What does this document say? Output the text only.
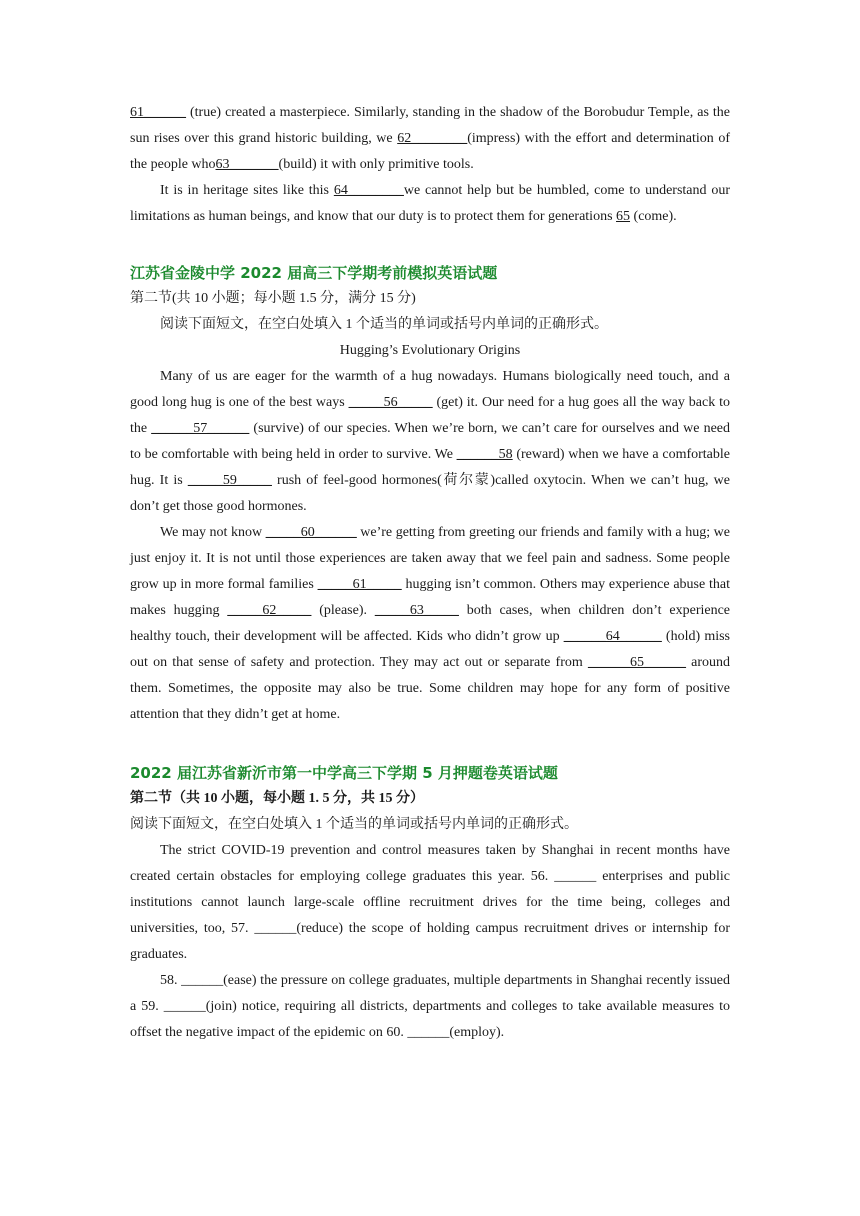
61______ (true) created a masterpiece. Similarly, standing in the shadow of the Borobudur Temple, as the sun rises over this grand historic building, we 62________(impress) with the effort and determination of the people who63_______(build) it with only primitive tools.

It is in heritage sites like this 64________we cannot help but be humbled, come to understand our limitations as human beings, and know that our duty is to protect them for generations 65 (come).

江苏省金陵中学 2022 届高三下学期考前模拟英语试题

第二节(共 10 小题；每小题 1.5 分，满分 15 分)

阅读下面短文，在空白处填入 1 个适当的单词或括号内单词的正确形式。

Hugging’s Evolutionary Origins

Many of us are eager for the warmth of a hug nowadays. Humans biologically need touch, and a good long hug is one of the best ways _____56_____ (get) it. Our need for a hug goes all the way back to the ______57______ (survive) of our species. When we’re born, we can’t care for ourselves and we need to be comfortable with being held in order to survive. We ______58 (reward) when we have a comfortable hug. It is _____59_____ rush of feel-good hormones(荷尔蒙)called oxytocin. When we can’t hug, we don’t get those good hormones.

We may not know _____60______ we’re getting from greeting our friends and family with a hug; we just enjoy it. It is not until those experiences are taken away that we feel pain and sadness. Some people grow up in more formal families _____61_____ hugging isn’t common. Others may experience abuse that makes hugging _____62_____ (please). _____63_____ both cases, when children don’t experience healthy touch, their development will be affected. Kids who didn’t grow up ______64______ (hold) miss out on that sense of safety and protection. They may act out or separate from ______65______ around them. Sometimes, the opposite may also be true. Some children may hope for any form of positive attention that they didn’t get at home.

2022 届江苏省新沂市第一中学高三下学期 5 月押题卷英语试题

第二节（共 10 小题，每小题 1. 5 分，共 15 分）

阅读下面短文，在空白处填入 1 个适当的单词或括号内单词的正确形式。

The strict COVID-19 prevention and control measures taken by Shanghai in recent months have created certain obstacles for employing college graduates this year. 56. ______ enterprises and public institutions cannot launch large-scale offline recruitment drives for the time being, colleges and universities, too, 57. ______(reduce) the scope of holding campus recruitment drives or internship for graduates.

58. ______(ease) the pressure on college graduates, multiple departments in Shanghai recently issued a 59. ______(join) notice, requiring all districts, departments and colleges to take available measures to offset the negative impact of the epidemic on 60. ______(employ).
